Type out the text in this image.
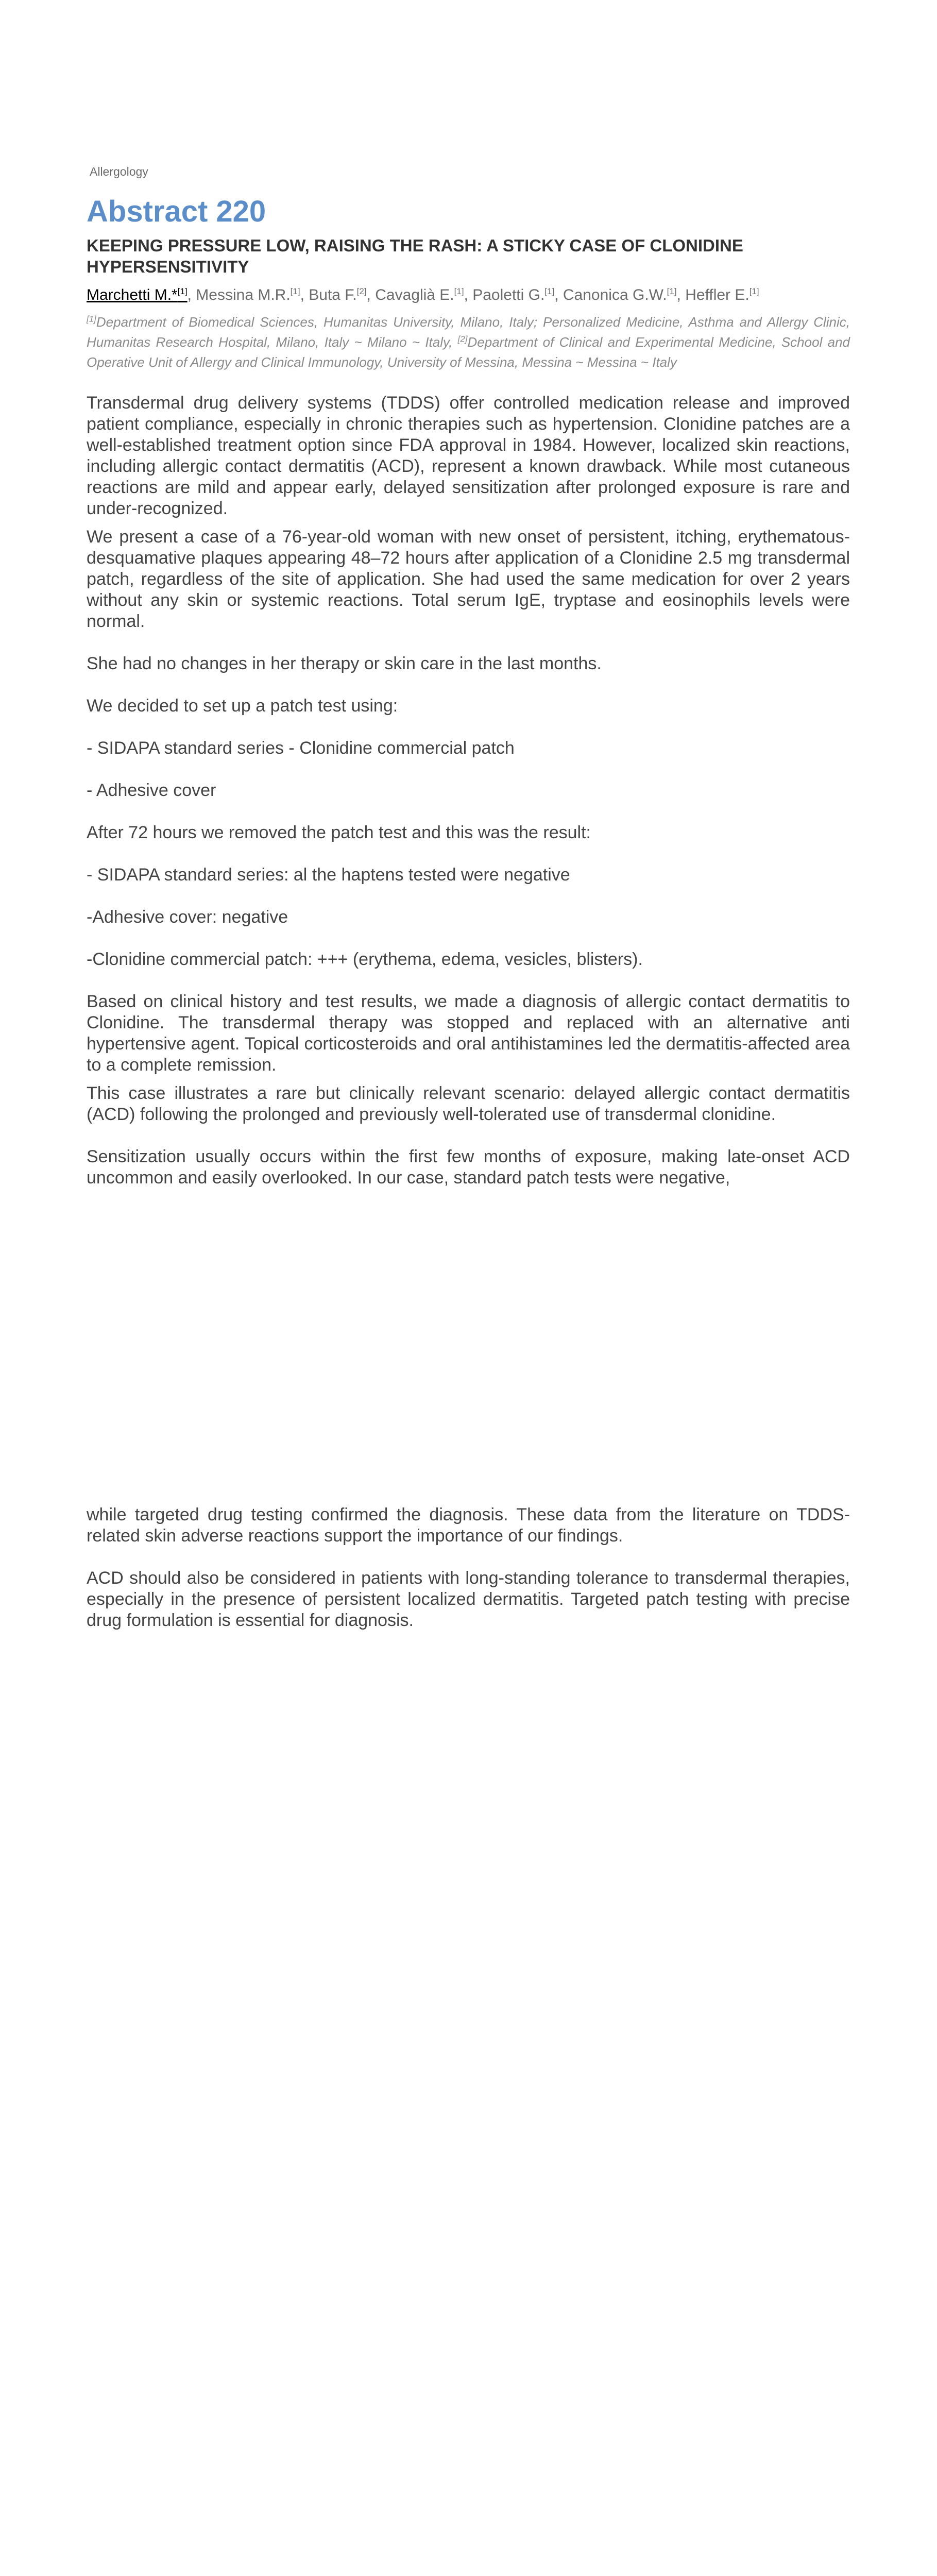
Allergology
Abstract 220
KEEPING PRESSURE LOW, RAISING THE RASH: A STICKY CASE OF CLONIDINE HYPERSENSITIVITY
Marchetti M.*[1], Messina M.R.[1], Buta F.[2], Cavaglià E.[1], Paoletti G.[1], Canonica G.W.[1], Heffler E.[1]
[1]Department of Biomedical Sciences, Humanitas University, Milano, Italy; Personalized Medicine, Asthma and Allergy Clinic, Humanitas Research Hospital, Milano, Italy ~ Milano ~ Italy, [2]Department of Clinical and Experimental Medicine, School and Operative Unit of Allergy and Clinical Immunology, University of Messina, Messina ~ Messina ~ Italy

Transdermal drug delivery systems (TDDS) offer controlled medication release and improved patient compliance, especially in chronic therapies such as hypertension. Clonidine patches are a well-established treatment option since FDA approval in 1984. However, localized skin reactions, including allergic contact dermatitis (ACD), represent a known drawback. While most cutaneous reactions are mild and appear early, delayed sensitization after prolonged exposure is rare and under-recognized.

We present a case of a 76-year-old woman with new onset of persistent, itching, erythematous-desquamative plaques appearing 48–72 hours after application of a Clonidine 2.5 mg transdermal patch, regardless of the site of application. She had used the same medication for over 2 years without any skin or systemic reactions. Total serum IgE, tryptase and eosinophils levels were normal.

She had no changes in her therapy or skin care in the last months.

We decided to set up a patch test using:

- SIDAPA standard series - Clonidine commercial patch

- Adhesive cover

After 72 hours we removed the patch test and this was the result:

- SIDAPA standard series: al the haptens tested were negative

-Adhesive cover: negative

-Clonidine commercial patch: +++ (erythema, edema, vesicles, blisters).

Based on clinical history and test results, we made a diagnosis of allergic contact dermatitis to Clonidine. The transdermal therapy was stopped and replaced with an alternative anti hypertensive agent. Topical corticosteroids and oral antihistamines led the dermatitis-affected area to a complete remission.

This case illustrates a rare but clinically relevant scenario: delayed allergic contact dermatitis (ACD) following the prolonged and previously well-tolerated use of transdermal clonidine.

Sensitization usually occurs within the first few months of exposure, making late-onset ACD uncommon and easily overlooked. In our case, standard patch tests were negative,

while targeted drug testing confirmed the diagnosis. These data from the literature on TDDS-related skin adverse reactions support the importance of our findings.

ACD should also be considered in patients with long-standing tolerance to transdermal therapies, especially in the presence of persistent localized dermatitis. Targeted patch testing with precise drug formulation is essential for diagnosis.
